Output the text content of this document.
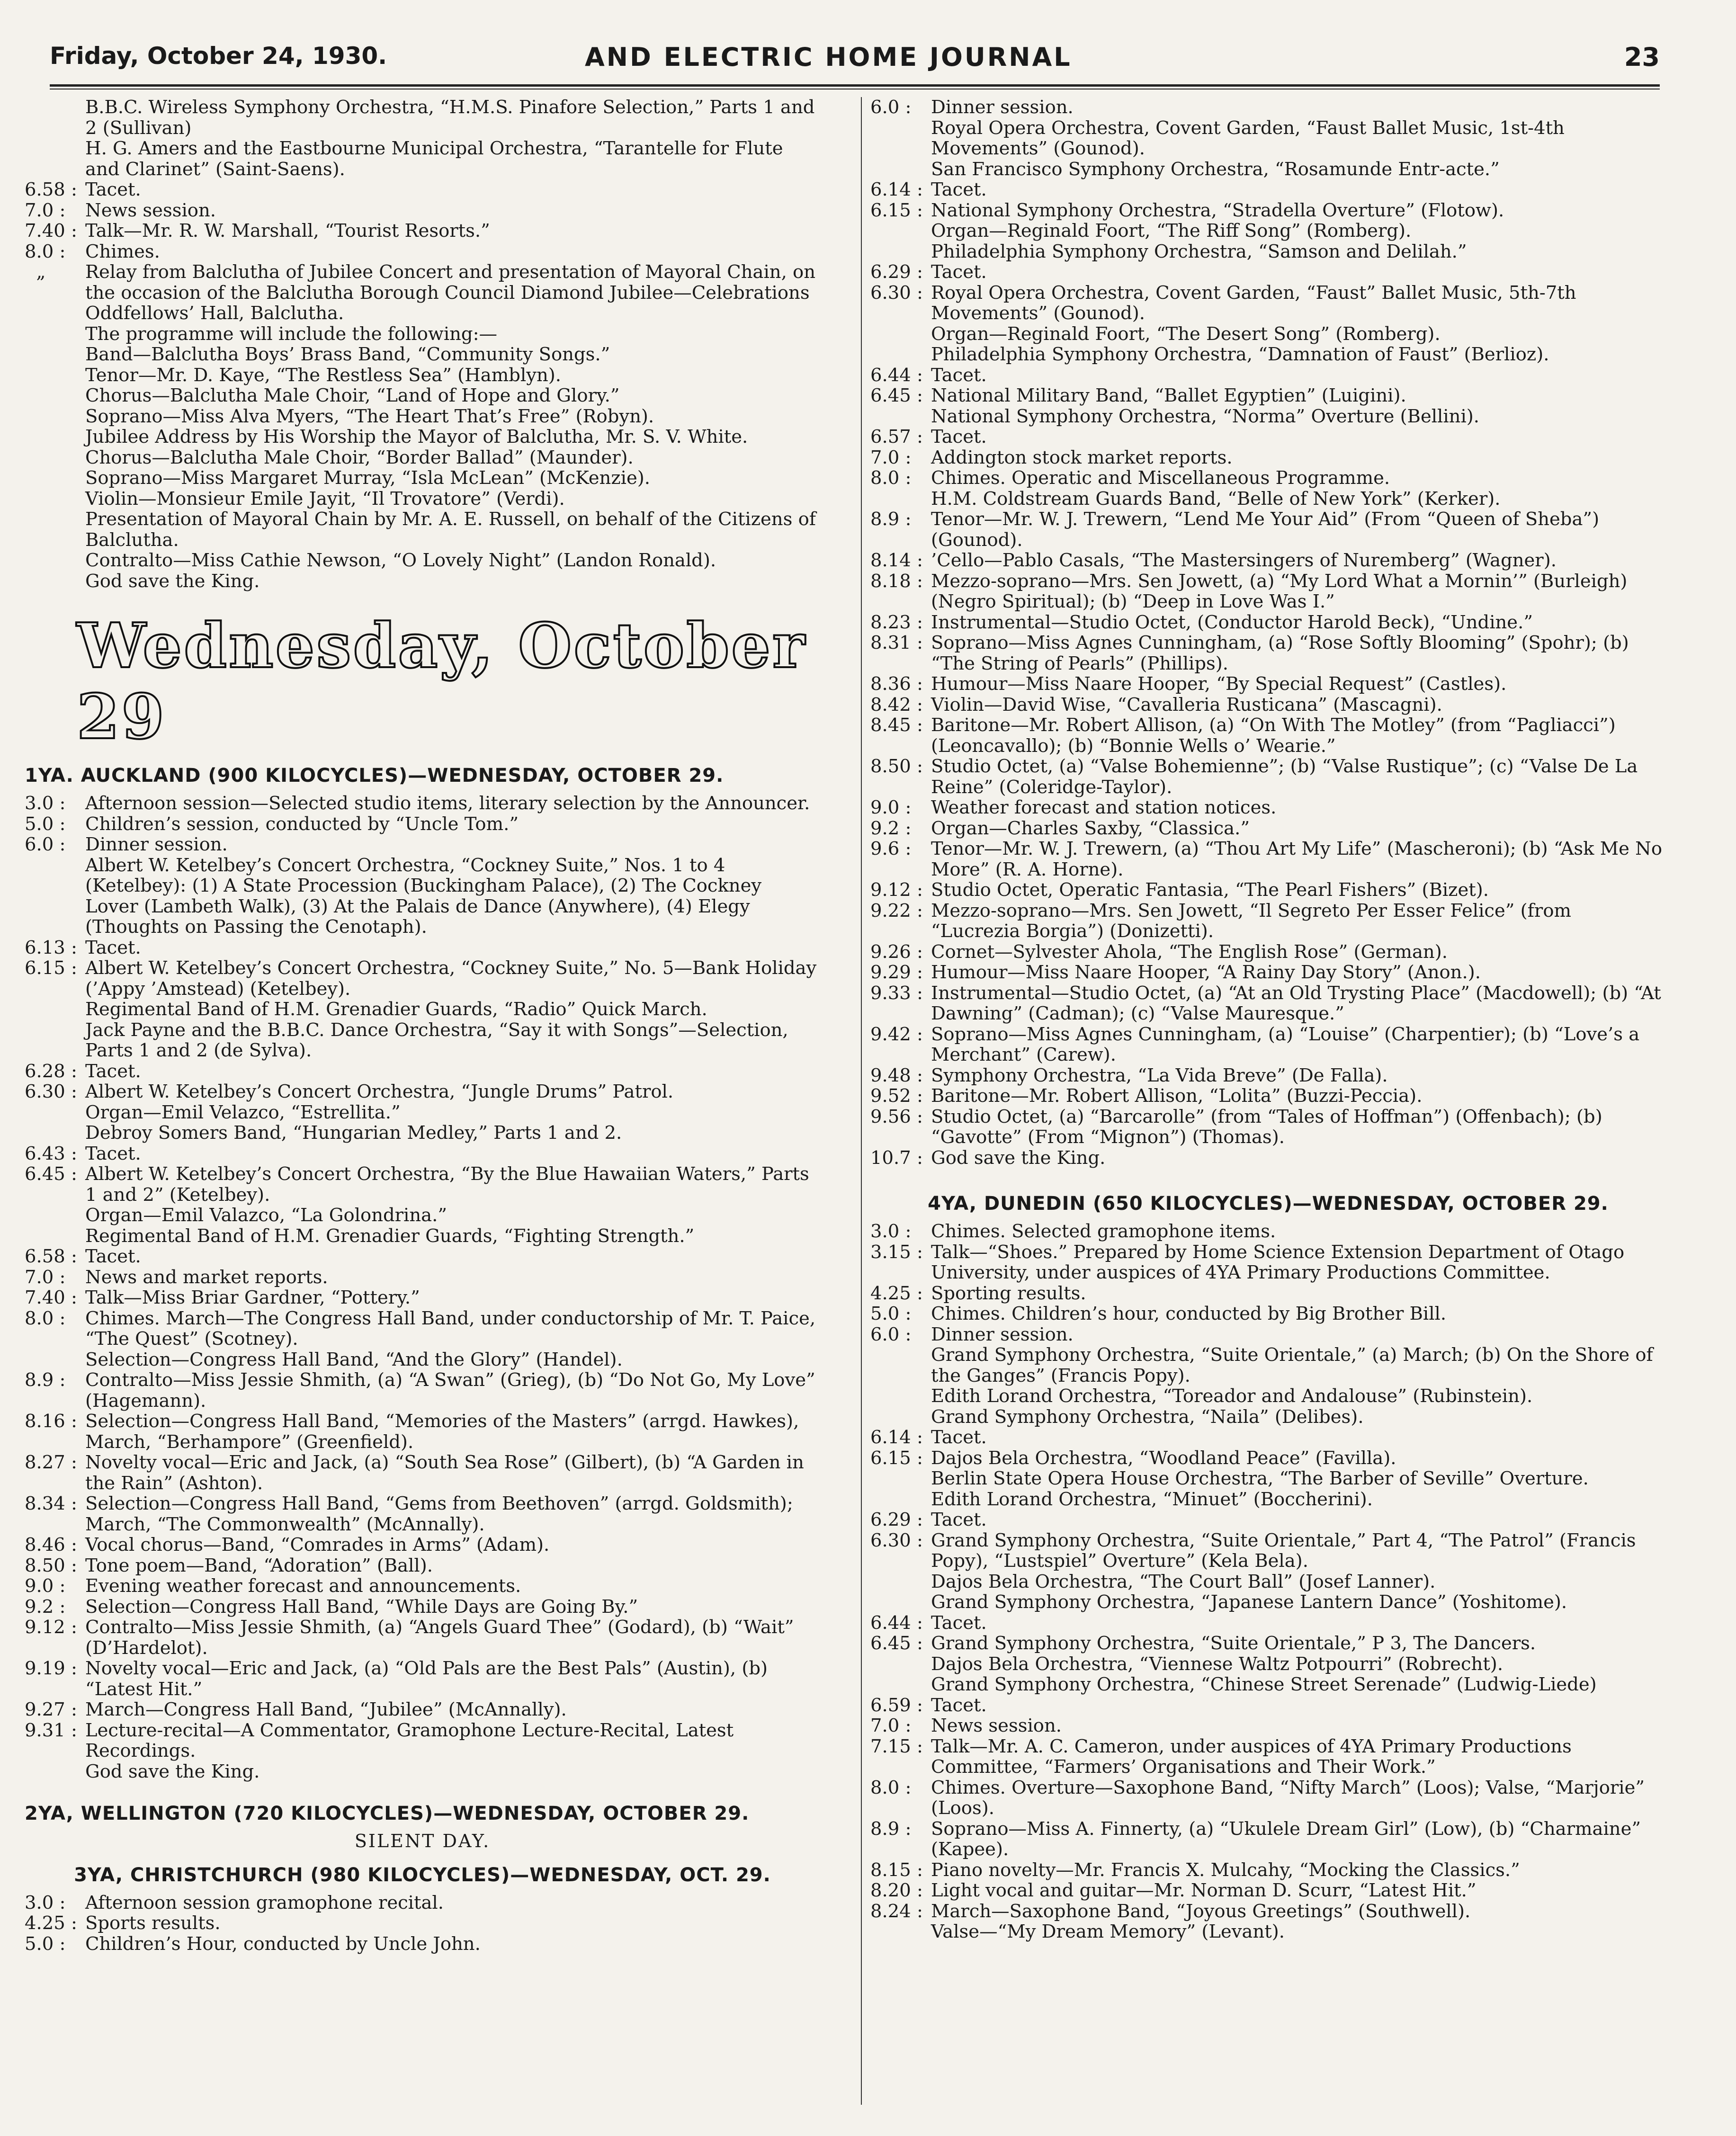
Friday, October 24, 1930.	AND ELECTRIC HOME JOURNAL	23
B.B.C. Wireless Symphony Orchestra, “H.M.S. Pinafore Selection,” Parts 1 and 2 (Sullivan)
H. G. Amers and the Eastbourne Municipal Orchestra, “Tarantelle for Flute and Clarinet” (Saint-Saens).
6.58 : Tacet.
7.0 :	News session.
7.40 : Talk—Mr. R. W. Marshall, “Tourist Resorts.”
8.0 :	Chimes.
„	Relay from Balclutha of Jubilee Concert and presentation of Mayoral Chain, on the occasion of the Balclutha Borough Council Diamond Jubilee—Celebrations Oddfellows’ Hall, Balclutha.
The programme will include the following:—
Band—Balclutha Boys’ Brass Band, “Community Songs.”
Tenor—Mr. D. Kaye, “The Restless Sea” (Hamblyn).
Chorus—Balclutha Male Choir, “Land of Hope and Glory.”
Soprano—Miss Alva Myers, “The Heart That’s Free” (Robyn).
Jubilee Address by His Worship the Mayor of Balclutha, Mr. S. V. White.
Chorus—Balclutha Male Choir, “Border Ballad” (Maunder).
Soprano—Miss Margaret Murray, “Isla McLean” (McKenzie).
Violin—Monsieur Emile Jayit, “Il Trovatore” (Verdi).
Presentation of Mayoral Chain by Mr. A. E. Russell, on behalf of the Citizens of Balclutha.
Contralto—Miss Cathie Newson, “O Lovely Night” (Landon Ronald).
God save the King.
Wednesday, October 29
1YA. AUCKLAND (900 KILOCYCLES)—WEDNESDAY, OCTOBER 29.
3.0 :	Afternoon session—Selected studio items, literary selection by the Announcer.
5.0 :	Children’s session, conducted by “Uncle Tom.”
6.0 :	Dinner session.
Albert W. Ketelbey’s Concert Orchestra, “Cockney Suite,” Nos. 1 to 4 (Ketelbey): (1) A State Procession (Buckingham Palace), (2) The Cockney Lover (Lambeth Walk), (3) At the Palais de Dance (Anywhere), (4) Elegy (Thoughts on Passing the Cenotaph).
6.13 : Tacet.
6.15 : Albert W. Ketelbey’s Concert Orchestra, “Cockney Suite,” No. 5—Bank Holiday (’Appy ’Amstead) (Ketelbey).
Regimental Band of H.M. Grenadier Guards, “Radio” Quick March.
Jack Payne and the B.B.C. Dance Orchestra, “Say it with Songs”—Selection, Parts 1 and 2 (de Sylva).
6.28 : Tacet.
6.30 : Albert W. Ketelbey’s Concert Orchestra, “Jungle Drums” Patrol.
Organ—Emil Velazco, “Estrellita.”
Debroy Somers Band, “Hungarian Medley,” Parts 1 and 2.
6.43 : Tacet.
6.45 : Albert W. Ketelbey’s Concert Orchestra, “By the Blue Hawaiian Waters,” Parts 1 and 2” (Ketelbey).
Organ—Emil Valazco, “La Golondrina.”
Regimental Band of H.M. Grenadier Guards, “Fighting Strength.”
6.58 : Tacet.
7.0 :	News and market reports.
7.40 : Talk—Miss Briar Gardner, “Pottery.”
8.0 :	Chimes. March—The Congress Hall Band, under conductorship of Mr. T. Paice, “The Quest” (Scotney).
Selection—Congress Hall Band, “And the Glory” (Handel).
8.9 :	Contralto—Miss Jessie Shmith, (a) “A Swan” (Grieg), (b) “Do Not Go, My Love” (Hagemann).
8.16 : Selection—Congress Hall Band, “Memories of the Masters” (arrgd. Hawkes), March, “Berhampore” (Greenfield).
8.27 : Novelty vocal—Eric and Jack, (a) “South Sea Rose” (Gilbert), (b) “A Garden in the Rain” (Ashton).
8.34 : Selection—Congress Hall Band, “Gems from Beethoven” (arrgd. Goldsmith); March, “The Commonwealth” (McAnnally).
8.46 : Vocal chorus—Band, “Comrades in Arms” (Adam).
8.50 : Tone poem—Band, “Adoration” (Ball).
9.0 :	Evening weather forecast and announcements.
9.2 :	Selection—Congress Hall Band, “While Days are Going By.”
9.12 : Contralto—Miss Jessie Shmith, (a) “Angels Guard Thee” (Godard), (b) “Wait” (D’Hardelot).
9.19 : Novelty vocal—Eric and Jack, (a) “Old Pals are the Best Pals” (Austin), (b) “Latest Hit.”
9.27 : March—Congress Hall Band, “Jubilee” (McAnnally).
9.31 : Lecture-recital—A Commentator, Gramophone Lecture-Recital, Latest Recordings.
God save the King.
2YA, WELLINGTON (720 KILOCYCLES)—WEDNESDAY, OCTOBER 29.
SILENT DAY.
3YA, CHRISTCHURCH (980 KILOCYCLES)—WEDNESDAY, OCT. 29.
3.0 :	Afternoon session gramophone recital.
4.25 : Sports results.
5.0 :	Children’s Hour, conducted by Uncle John.
6.0 :	Dinner session.
Royal Opera Orchestra, Covent Garden, “Faust Ballet Music, 1st-4th Movements” (Gounod).
San Francisco Symphony Orchestra, “Rosamunde Entr-acte.”
6.14 : Tacet.
6.15 : National Symphony Orchestra, “Stradella Overture” (Flotow).
Organ—Reginald Foort, “The Riff Song” (Romberg).
Philadelphia Symphony Orchestra, “Samson and Delilah.”
6.29 : Tacet.
6.30 : Royal Opera Orchestra, Covent Garden, “Faust” Ballet Music, 5th-7th Movements” (Gounod).
Organ—Reginald Foort, “The Desert Song” (Romberg).
Philadelphia Symphony Orchestra, “Damnation of Faust” (Berlioz).
6.44 : Tacet.
6.45 : National Military Band, “Ballet Egyptien” (Luigini).
National Symphony Orchestra, “Norma” Overture (Bellini).
6.57 : Tacet.
7.0 :	Addington stock market reports.
8.0 :	Chimes. Operatic and Miscellaneous Programme.
H.M. Coldstream Guards Band, “Belle of New York” (Kerker).
8.9 :	Tenor—Mr. W. J. Trewern, “Lend Me Your Aid” (From “Queen of Sheba”) (Gounod).
8.14 : ’Cello—Pablo Casals, “The Mastersingers of Nuremberg” (Wagner).
8.18 : Mezzo-soprano—Mrs. Sen Jowett, (a) “My Lord What a Mornin’” (Burleigh) (Negro Spiritual); (b) “Deep in Love Was I.”
8.23 : Instrumental—Studio Octet, (Conductor Harold Beck), “Undine.”
8.31 : Soprano—Miss Agnes Cunningham, (a) “Rose Softly Blooming” (Spohr); (b) “The String of Pearls” (Phillips).
8.36 : Humour—Miss Naare Hooper, “By Special Request” (Castles).
8.42 : Violin—David Wise, “Cavalleria Rusticana” (Mascagni).
8.45 : Baritone—Mr. Robert Allison, (a) “On With The Motley” (from “Pagliacci”) (Leoncavallo); (b) “Bonnie Wells o’ Wearie.”
8.50 : Studio Octet, (a) “Valse Bohemienne”; (b) “Valse Rustique”; (c) “Valse De La Reine” (Coleridge-Taylor).
9.0 :	Weather forecast and station notices.
9.2 :	Organ—Charles Saxby, “Classica.”
9.6 :	Tenor—Mr. W. J. Trewern, (a) “Thou Art My Life” (Mascheroni); (b) “Ask Me No More” (R. A. Horne).
9.12 : Studio Octet, Operatic Fantasia, “The Pearl Fishers” (Bizet).
9.22 : Mezzo-soprano—Mrs. Sen Jowett, “Il Segreto Per Esser Felice” (from “Lucrezia Borgia”) (Donizetti).
9.26 : Cornet—Sylvester Ahola, “The English Rose” (German).
9.29 : Humour—Miss Naare Hooper, “A Rainy Day Story” (Anon.).
9.33 : Instrumental—Studio Octet, (a) “At an Old Trysting Place” (Macdowell); (b) “At Dawning” (Cadman); (c) “Valse Mauresque.”
9.42 : Soprano—Miss Agnes Cunningham, (a) “Louise” (Charpentier); (b) “Love’s a Merchant” (Carew).
9.48 : Symphony Orchestra, “La Vida Breve” (De Falla).
9.52 : Baritone—Mr. Robert Allison, “Lolita” (Buzzi-Peccia).
9.56 : Studio Octet, (a) “Barcarolle” (from “Tales of Hoffman”) (Offenbach); (b) “Gavotte” (From “Mignon”) (Thomas).
10.7 : God save the King.
4YA, DUNEDIN (650 KILOCYCLES)—WEDNESDAY, OCTOBER 29.
3.0 :	Chimes. Selected gramophone items.
3.15 : Talk—“Shoes.” Prepared by Home Science Extension Department of Otago University, under auspices of 4YA Primary Productions Committee.
4.25 : Sporting results.
5.0 :	Chimes. Children’s hour, conducted by Big Brother Bill.
6.0 :	Dinner session.
Grand Symphony Orchestra, “Suite Orientale,” (a) March; (b) On the Shore of the Ganges” (Francis Popy).
Edith Lorand Orchestra, “Toreador and Andalouse” (Rubinstein).
Grand Symphony Orchestra, “Naila” (Delibes).
6.14 : Tacet.
6.15 : Dajos Bela Orchestra, “Woodland Peace” (Favilla).
Berlin State Opera House Orchestra, “The Barber of Seville” Overture.
Edith Lorand Orchestra, “Minuet” (Boccherini).
6.29 : Tacet.
6.30 : Grand Symphony Orchestra, “Suite Orientale,” Part 4, “The Patrol” (Francis Popy), “Lustspiel” Overture” (Kela Bela).
Dajos Bela Orchestra, “The Court Ball” (Josef Lanner).
Grand Symphony Orchestra, “Japanese Lantern Dance” (Yoshitome).
6.44 : Tacet.
6.45 : Grand Symphony Orchestra, “Suite Orientale,” P 3, The Dancers.
Dajos Bela Orchestra, “Viennese Waltz Potpourri” (Robrecht).
Grand Symphony Orchestra, “Chinese Street Serenade” (Ludwig-Liede)
6.59 : Tacet.
7.0 :	News session.
7.15 : Talk—Mr. A. C. Cameron, under auspices of 4YA Primary Productions Committee, “Farmers’ Organisations and Their Work.”
8.0 :	Chimes. Overture—Saxophone Band, “Nifty March” (Loos); Valse, “Marjorie” (Loos).
8.9 :	Soprano—Miss A. Finnerty, (a) “Ukulele Dream Girl” (Low), (b) “Charmaine” (Kapee).
8.15 : Piano novelty—Mr. Francis X. Mulcahy, “Mocking the Classics.”
8.20 : Light vocal and guitar—Mr. Norman D. Scurr, “Latest Hit.”
8.24 : March—Saxophone Band, “Joyous Greetings” (Southwell).
Valse—“My Dream Memory” (Levant).
